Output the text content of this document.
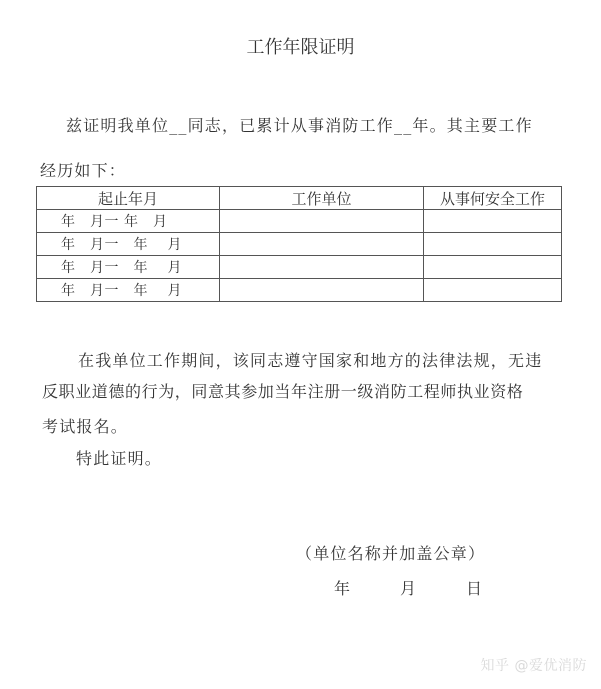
工作年限证明
兹证明我单位__同志，已累计从事消防工作__年。其主要工作
经历如下：
起止年月	工作单位	从事何安全工作
年　月一 年　月		
年　月一　年　 月		
年　月一　年　 月		
年　月一　年　 月		
在我单位工作期间，该同志遵守国家和地方的法律法规，无违
反职业道德的行为，同意其参加当年注册一级消防工程师执业资格
考试报名。
特此证明。
（单位名称并加盖公章）
年　　月　　日
知乎 @爱优消防
